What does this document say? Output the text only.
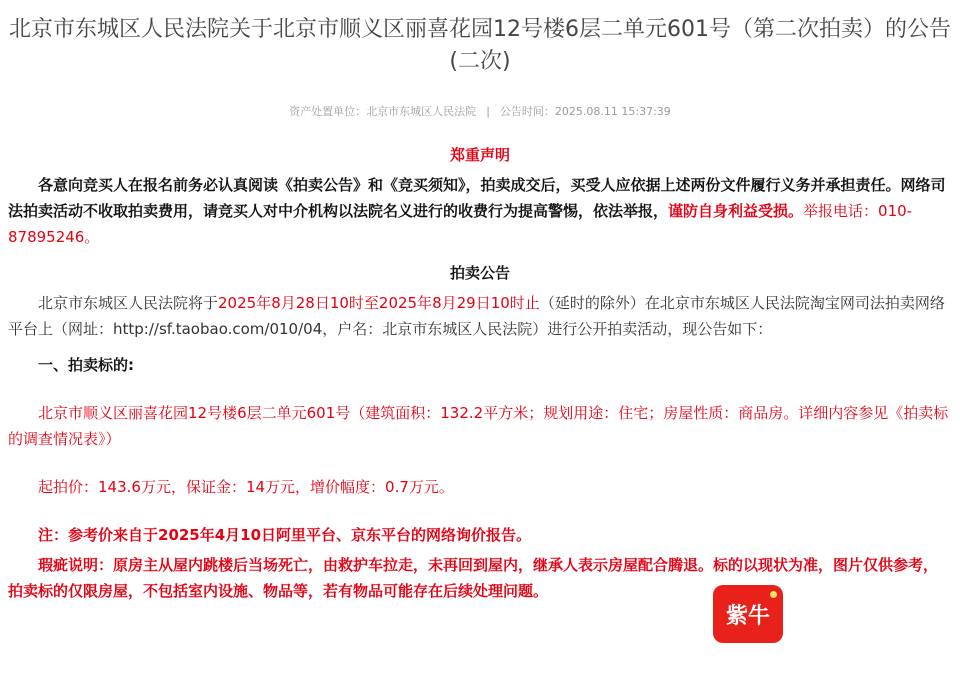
北京市东城区人民法院关于北京市顺义区丽喜花园12号楼6层二单元601号（第二次拍卖）的公告(二次)
资产处置单位：北京市东城区人民法院 | 公告时间：2025.08.11 15:37:39

郑重声明

各意向竞买人在报名前务必认真阅读《拍卖公告》和《竞买须知》，拍卖成交后，买受人应依据上述两份文件履行义务并承担责任。网络司法拍卖活动不收取拍卖费用，请竞买人对中介机构以法院名义进行的收费行为提高警惕，依法举报，谨防自身利益受损。举报电话：010-87895246。

拍卖公告

北京市东城区人民法院将于2025年8月28日10时至2025年8月29日10时止（延时的除外）在北京市东城区人民法院淘宝网司法拍卖网络平台上（网址：http://sf.taobao.com/010/04，户名：北京市东城区人民法院）进行公开拍卖活动，现公告如下：

一、拍卖标的:

北京市顺义区丽喜花园12号楼6层二单元601号（建筑面积：132.2平方米；规划用途：住宅；房屋性质：商品房。详细内容参见《拍卖标的调查情况表》）

起拍价：143.6万元，保证金：14万元，增价幅度：0.7万元。

注：参考价来自于2025年4月10日阿里平台、京东平台的网络询价报告。

瑕疵说明：原房主从屋内跳楼后当场死亡，由救护车拉走，未再回到屋内，继承人表示房屋配合腾退。标的以现状为准，图片仅供参考，拍卖标的仅限房屋，不包括室内设施、物品等，若有物品可能存在后续处理问题。

紫牛
